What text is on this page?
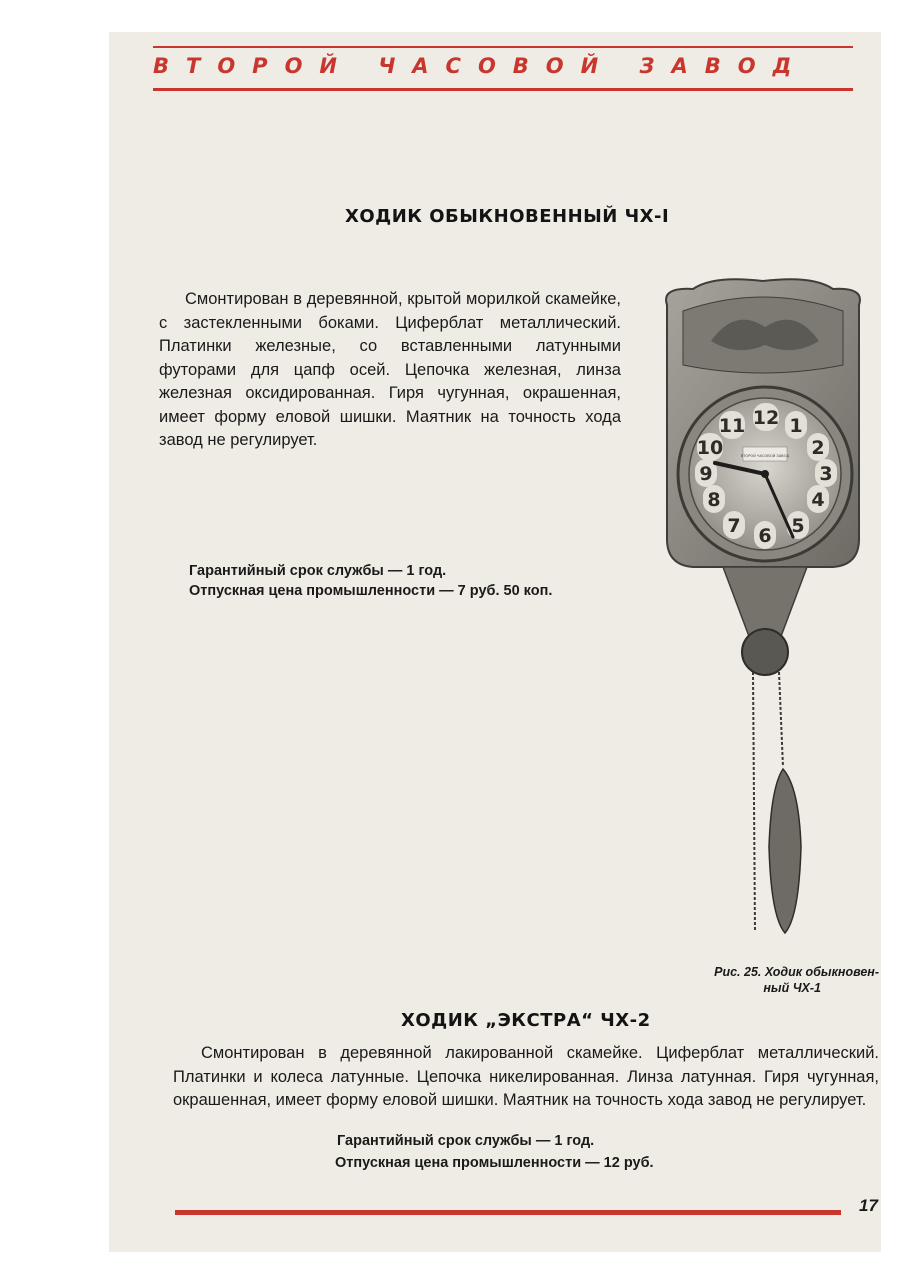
ВТОРОЙ ЧАСОВОЙ ЗАВОД
ХОДИК ОБЫКНОВЕННЫЙ ЧХ-I
Смонтирован в деревянной, крытой морилкой скамейке, с застекленными боками. Циферблат металлический. Платинки железные, со вставленными латунными футорами для цапф осей. Цепочка железная, линза железная оксидированная. Гиря чугунная, окрашенная, имеет форму еловой шишки. Маятник на точность хода завод не регулирует.
Гарантийный срок службы — 1 год.
Отпускная цена промышленности — 7 руб. 50 коп.
12 1
2
3
4
5
6
7
8
9
10
11
ВТОРОЙ ЧАСОВОЙ ЗАВОД
Рис. 25. Ходик обыкновен-
ный ЧХ-1
ХОДИК „ЭКСТРА“ ЧХ-2
Смонтирован в деревянной лакированной скамейке. Циферблат металлический. Платинки и колеса латунные. Цепочка никелированная. Линза латунная. Гиря чугунная, окрашенная, имеет форму еловой шишки. Маятник на точность хода завод не регулирует.
Гарантийный срок службы — 1 год.
Отпускная цена промышленности — 12 руб.
17
